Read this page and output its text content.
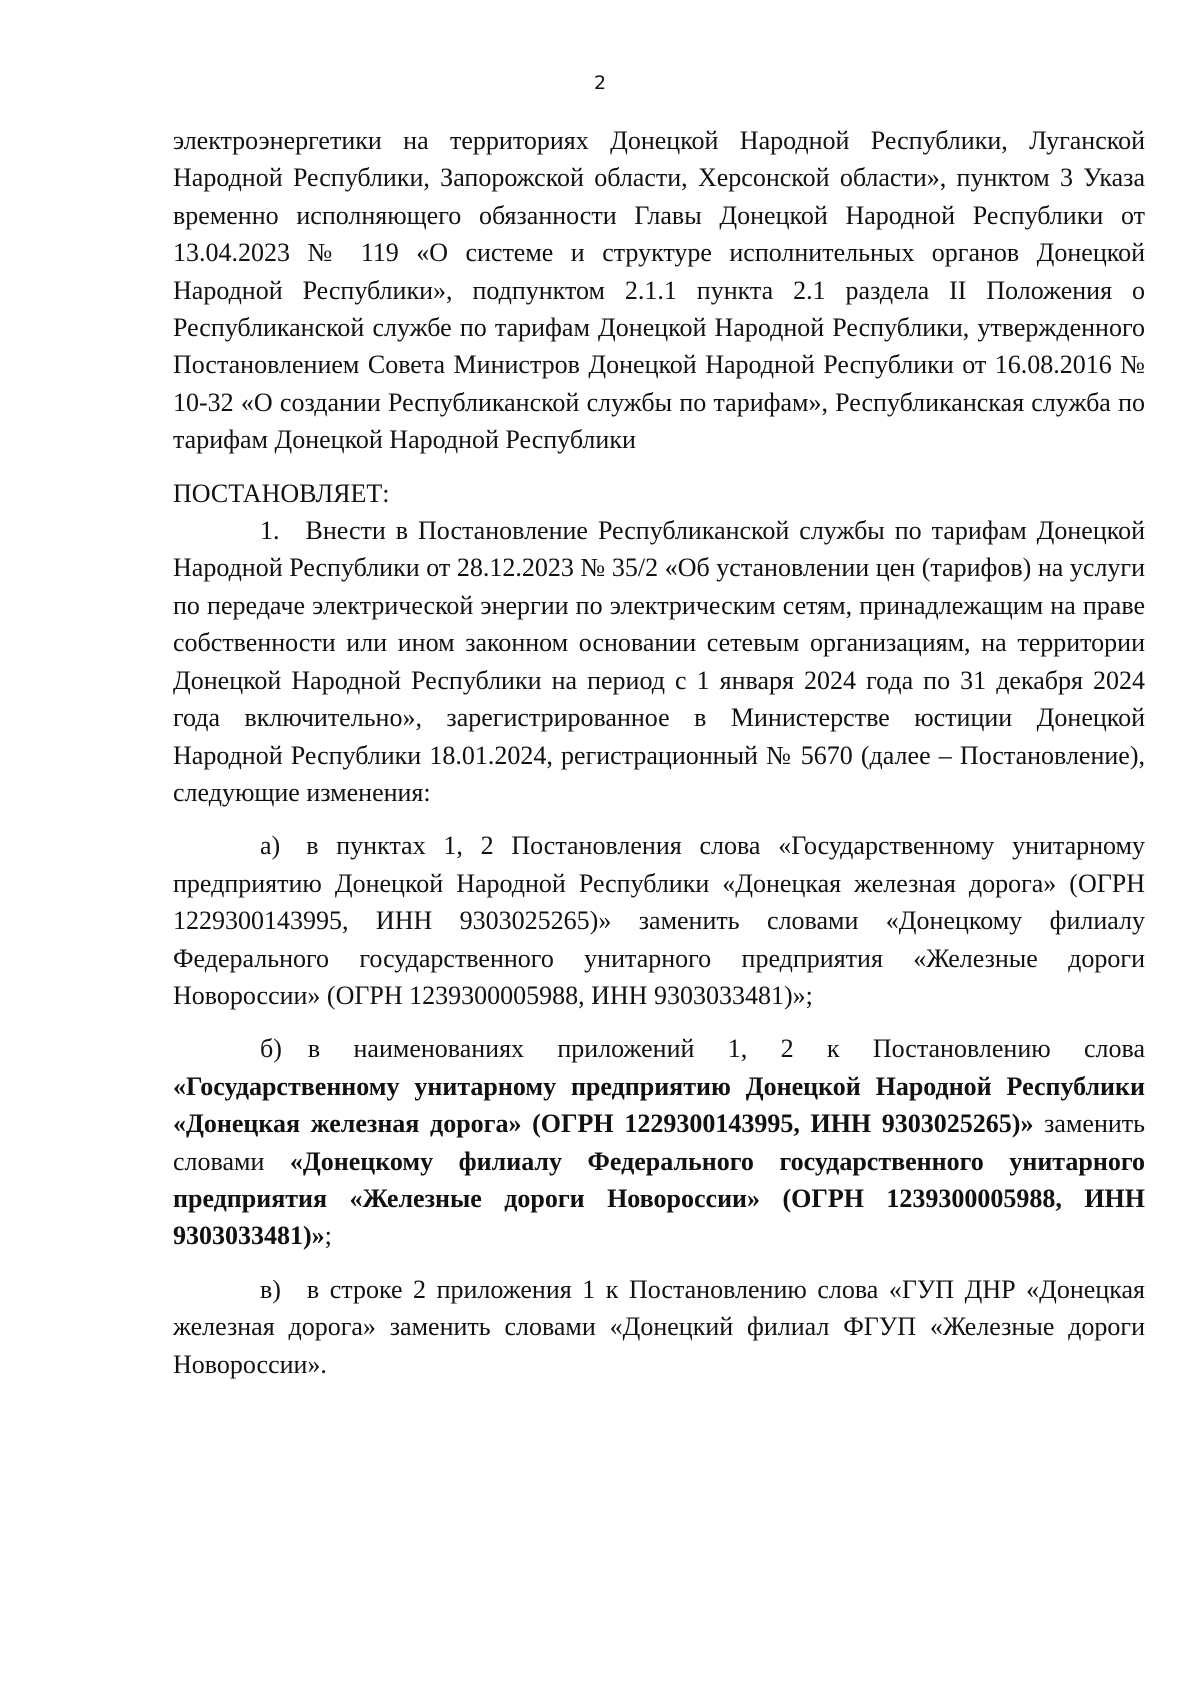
2

электроэнергетики на территориях Донецкой Народной Республики, Луганской Народной Республики, Запорожской области, Херсонской области», пунктом 3 Указа временно исполняющего обязанности Главы Донецкой Народной Республики от 13.04.2023 № 119 «О системе и структуре исполнительных органов Донецкой Народной Республики», подпунктом 2.1.1 пункта 2.1 раздела II Положения о Республиканской службе по тарифам Донецкой Народной Республики, утвержденного Постановлением Совета Министров Донецкой Народной Республики от 16.08.2016 № 10-32 «О создании Республиканской службы по тарифам», Республиканская служба по тарифам Донецкой Народной Республики

ПОСТАНОВЛЯЕТ:

1. Внести в Постановление Республиканской службы по тарифам Донецкой Народной Республики от 28.12.2023 № 35/2 «Об установлении цен (тарифов) на услуги по передаче электрической энергии по электрическим сетям, принадлежащим на праве собственности или ином законном основании сетевым организациям, на территории Донецкой Народной Республики на период с 1 января 2024 года по 31 декабря 2024 года включительно», зарегистрированное в Министерстве юстиции Донецкой Народной Республики 18.01.2024, регистрационный № 5670 (далее – Постановление), следующие изменения:

а) в пунктах 1, 2 Постановления слова «Государственному унитарному предприятию Донецкой Народной Республики «Донецкая железная дорога» (ОГРН 1229300143995, ИНН 9303025265)» заменить словами «Донецкому филиалу Федерального государственного унитарного предприятия «Железные дороги Новороссии» (ОГРН 1239300005988, ИНН 9303033481)»;

б) в наименованиях приложений 1, 2 к Постановлению слова «Государственному унитарному предприятию Донецкой Народной Республики «Донецкая железная дорога» (ОГРН 1229300143995, ИНН 9303025265)» заменить словами «Донецкому филиалу Федерального государственного унитарного предприятия «Железные дороги Новороссии» (ОГРН 1239300005988, ИНН 9303033481)»;

в) в строке 2 приложения 1 к Постановлению слова «ГУП ДНР «Донецкая железная дорога» заменить словами «Донецкий филиал ФГУП «Железные дороги Новороссии».
